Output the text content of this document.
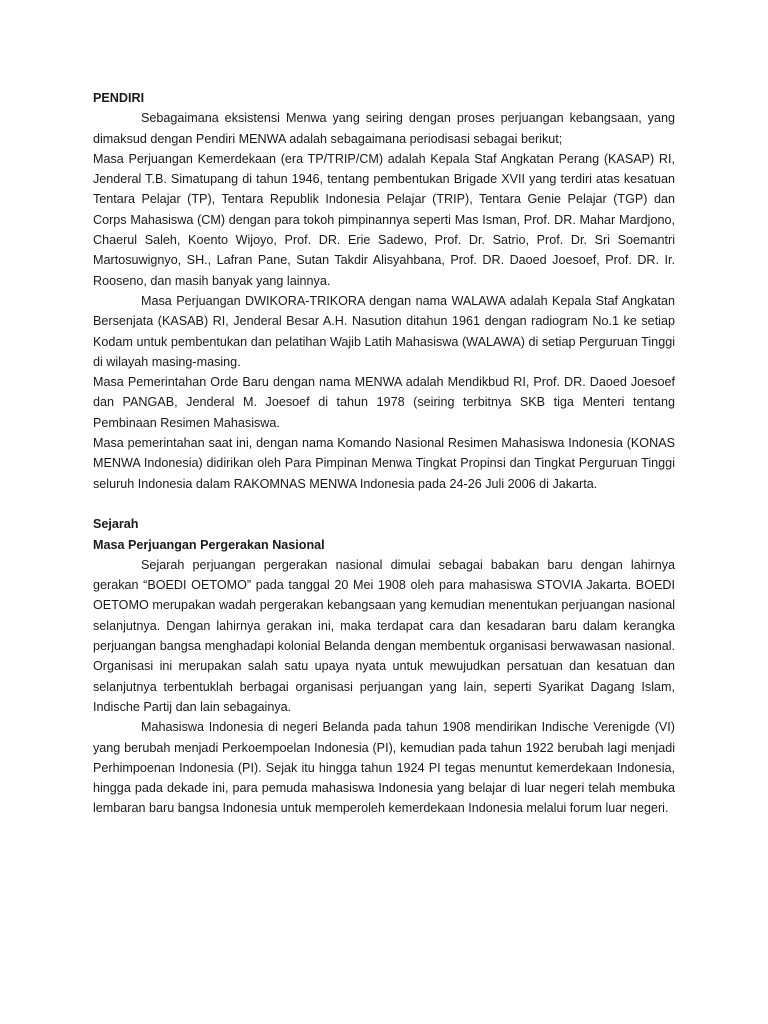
PENDIRI

Sebagaimana eksistensi Menwa yang seiring dengan proses perjuangan kebangsaan, yang dimaksud dengan Pendiri MENWA adalah sebagaimana periodisasi sebagai berikut;

Masa Perjuangan Kemerdekaan (era TP/TRIP/CM) adalah Kepala Staf Angkatan Perang (KASAP) RI, Jenderal T.B. Simatupang di tahun 1946, tentang pembentukan Brigade XVII yang terdiri atas kesatuan Tentara Pelajar (TP), Tentara Republik Indonesia Pelajar (TRIP), Tentara Genie Pelajar (TGP) dan Corps Mahasiswa (CM) dengan para tokoh pimpinannya seperti Mas Isman, Prof. DR. Mahar Mardjono, Chaerul Saleh, Koento Wijoyo, Prof. DR. Erie Sadewo, Prof. Dr. Satrio, Prof. Dr. Sri Soemantri Martosuwignyo, SH., Lafran Pane, Sutan Takdir Alisyahbana, Prof. DR. Daoed Joesoef, Prof. DR. Ir. Rooseno, dan masih banyak yang lainnya.

Masa Perjuangan DWIKORA-TRIKORA dengan nama WALAWA adalah Kepala Staf Angkatan Bersenjata (KASAB) RI, Jenderal Besar A.H. Nasution ditahun 1961 dengan radiogram No.1 ke setiap Kodam untuk pembentukan dan pelatihan Wajib Latih Mahasiswa (WALAWA) di setiap Perguruan Tinggi di wilayah masing-masing.

Masa Pemerintahan Orde Baru dengan nama MENWA adalah Mendikbud RI, Prof. DR. Daoed Joesoef dan PANGAB, Jenderal M. Joesoef di tahun 1978 (seiring terbitnya SKB tiga Menteri tentang Pembinaan Resimen Mahasiswa.

Masa pemerintahan saat ini, dengan nama Komando Nasional Resimen Mahasiswa Indonesia (KONAS MENWA Indonesia) didirikan oleh Para Pimpinan Menwa Tingkat Propinsi dan Tingkat Perguruan Tinggi seluruh Indonesia dalam RAKOMNAS MENWA Indonesia pada 24-26 Juli 2006 di Jakarta.

Sejarah
Masa Perjuangan Pergerakan Nasional

Sejarah perjuangan pergerakan nasional dimulai sebagai babakan baru dengan lahirnya gerakan “BOEDI OETOMO” pada tanggal 20 Mei 1908 oleh para mahasiswa STOVIA Jakarta. BOEDI OETOMO merupakan wadah pergerakan kebangsaan yang kemudian menentukan perjuangan nasional selanjutnya. Dengan lahirnya gerakan ini, maka terdapat cara dan kesadaran baru dalam kerangka perjuangan bangsa menghadapi kolonial Belanda dengan membentuk organisasi berwawasan nasional. Organisasi ini merupakan salah satu upaya nyata untuk mewujudkan persatuan dan kesatuan dan selanjutnya terbentuklah berbagai organisasi perjuangan yang lain, seperti Syarikat Dagang Islam, Indische Partij dan lain sebagainya.

Mahasiswa Indonesia di negeri Belanda pada tahun 1908 mendirikan Indische Verenigde (VI) yang berubah menjadi Perkoempoelan Indonesia (PI), kemudian pada tahun 1922 berubah lagi menjadi Perhimpoenan Indonesia (PI). Sejak itu hingga tahun 1924 PI tegas menuntut kemerdekaan Indonesia, hingga pada dekade ini, para pemuda mahasiswa Indonesia yang belajar di luar negeri telah membuka lembaran baru bangsa Indonesia untuk memperoleh kemerdekaan Indonesia melalui forum luar negeri.
